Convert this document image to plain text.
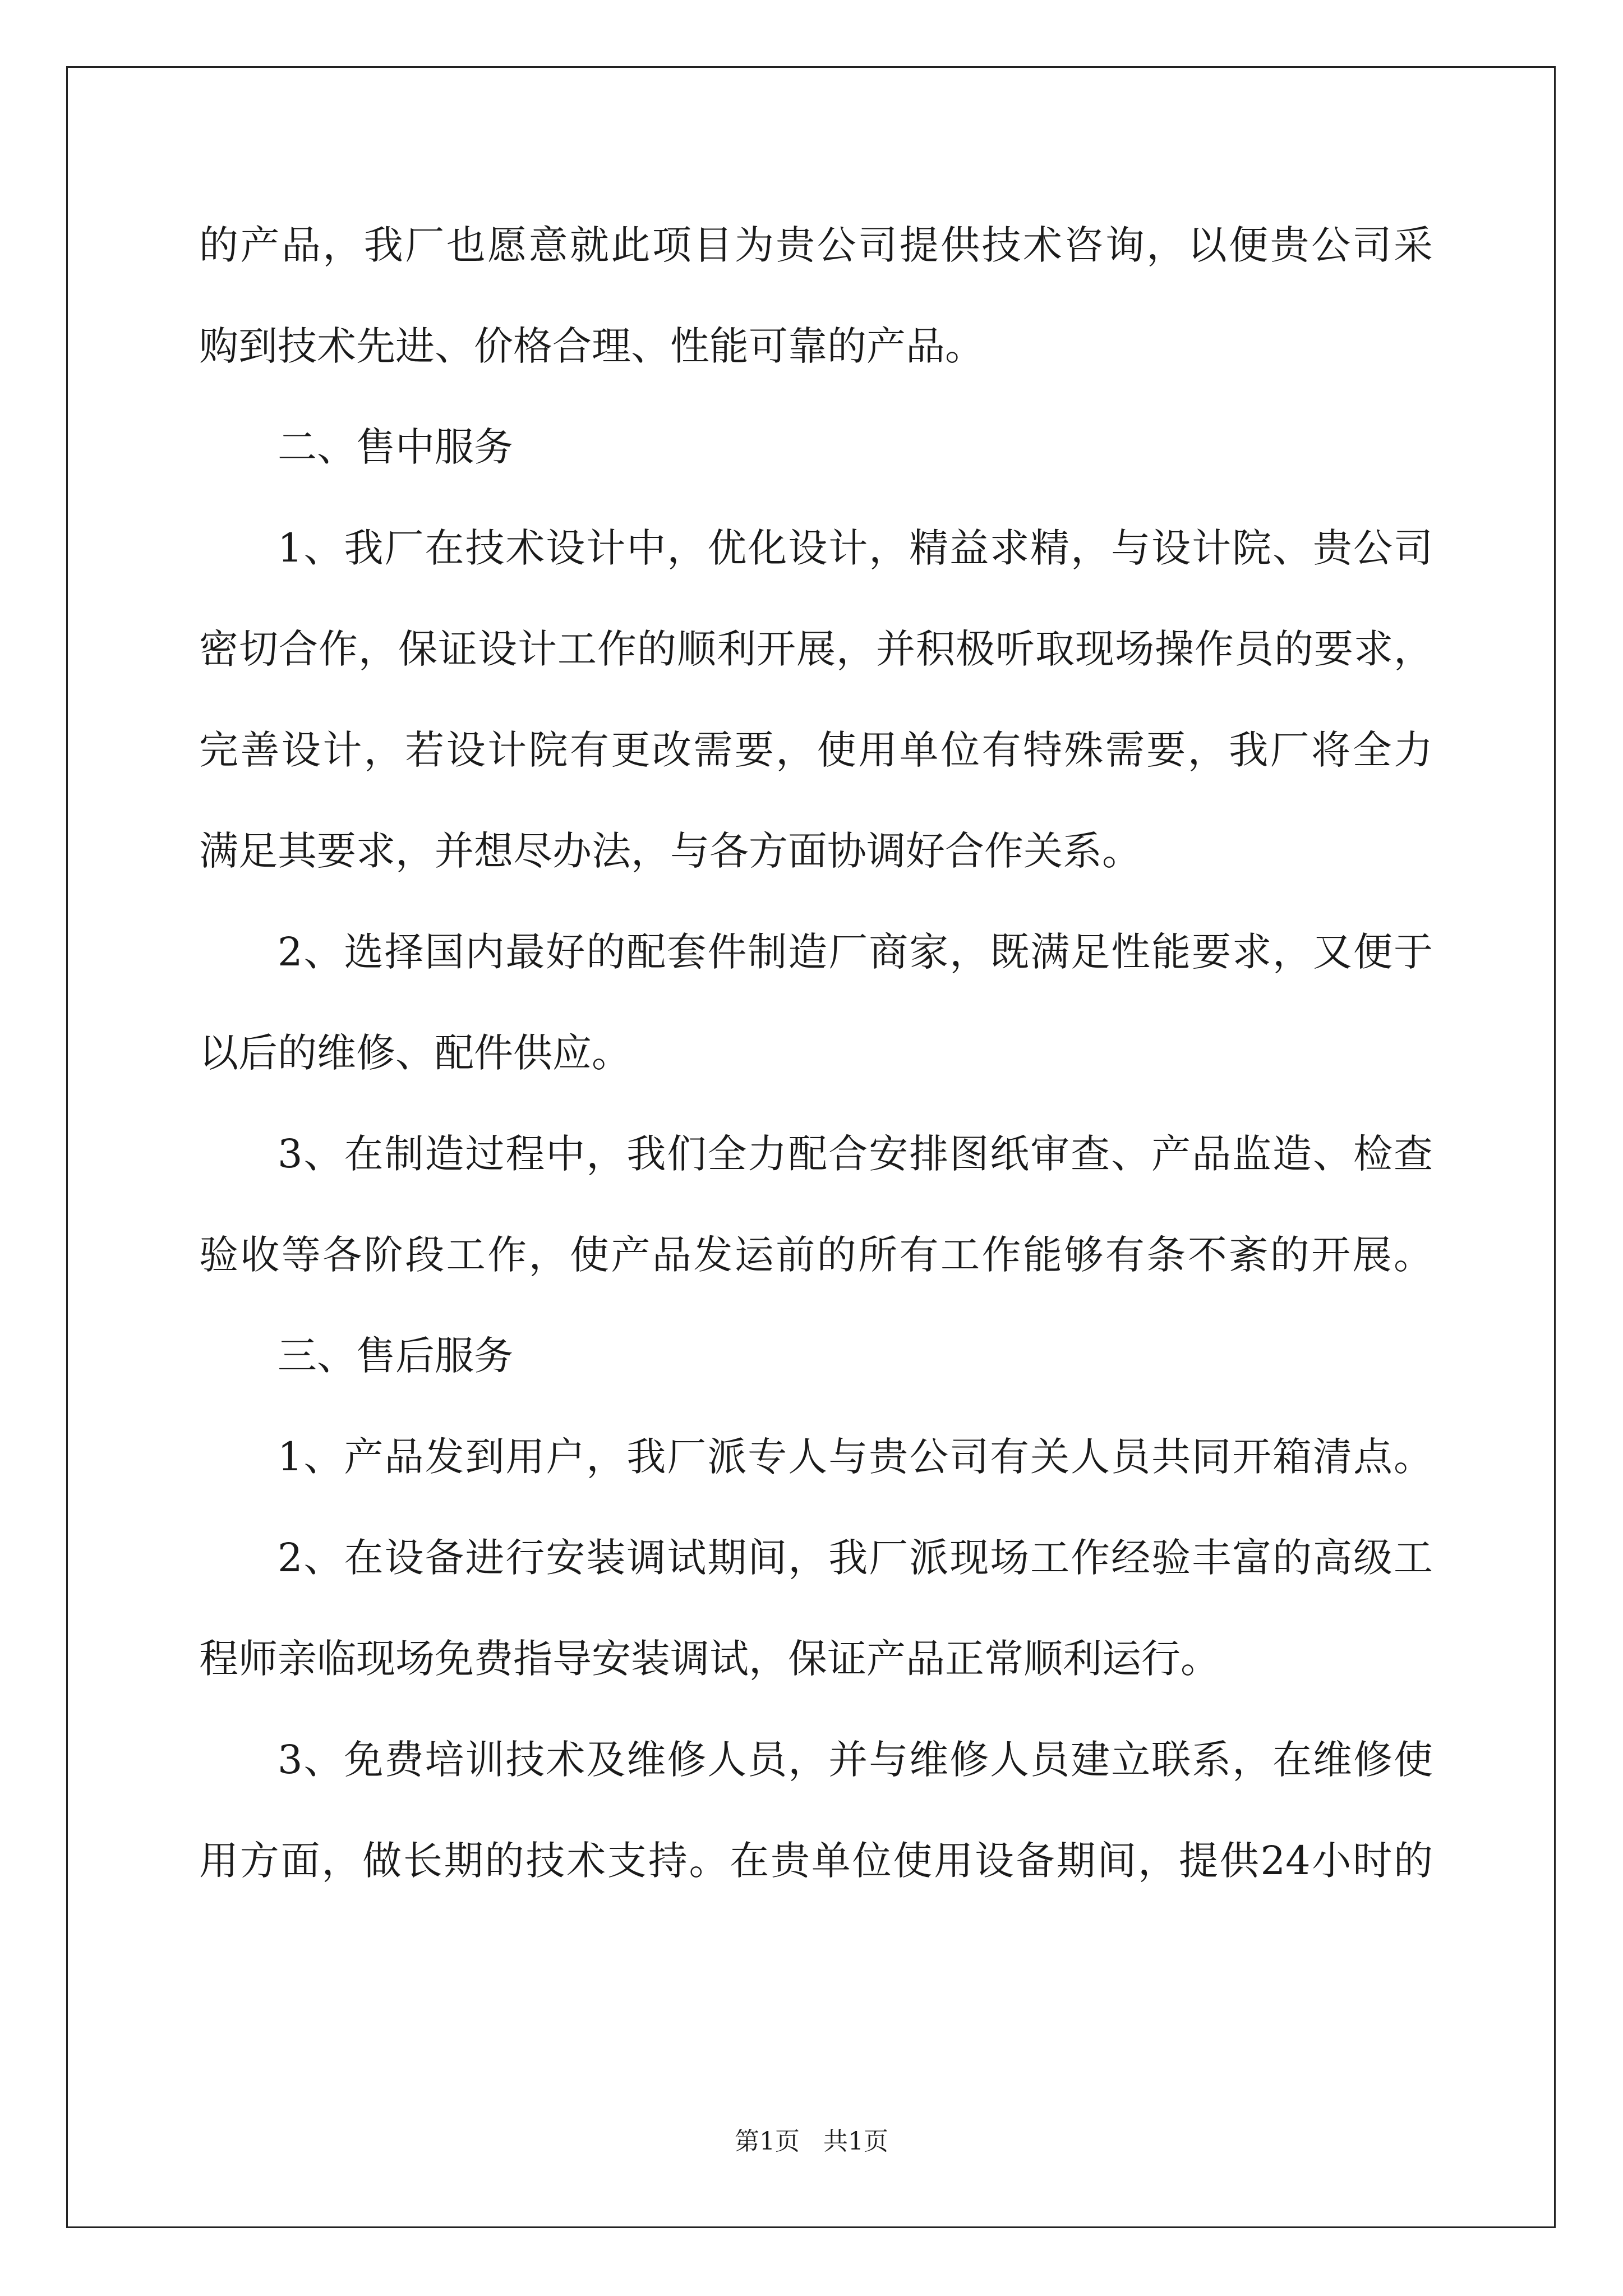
的产品，我厂也愿意就此项目为贵公司提供技术咨询，以便贵公司采
购到技术先进、价格合理、性能可靠的产品。
二、售中服务
1、我厂在技术设计中，优化设计，精益求精，与设计院、贵公司
密切合作，保证设计工作的顺利开展，并积极听取现场操作员的要求，
完善设计，若设计院有更改需要，使用单位有特殊需要，我厂将全力
满足其要求，并想尽办法，与各方面协调好合作关系。
2、选择国内最好的配套件制造厂商家，既满足性能要求，又便于
以后的维修、配件供应。
3、在制造过程中，我们全力配合安排图纸审查、产品监造、检查
验收等各阶段工作，使产品发运前的所有工作能够有条不紊的开展。
三、售后服务
1、产品发到用户，我厂派专人与贵公司有关人员共同开箱清点。
2、在设备进行安装调试期间，我厂派现场工作经验丰富的高级工
程师亲临现场免费指导安装调试，保证产品正常顺利运行。
3、免费培训技术及维修人员，并与维修人员建立联系，在维修使
用方面，做长期的技术支持。在贵单位使用设备期间，提供24小时的
第1页   共1页
